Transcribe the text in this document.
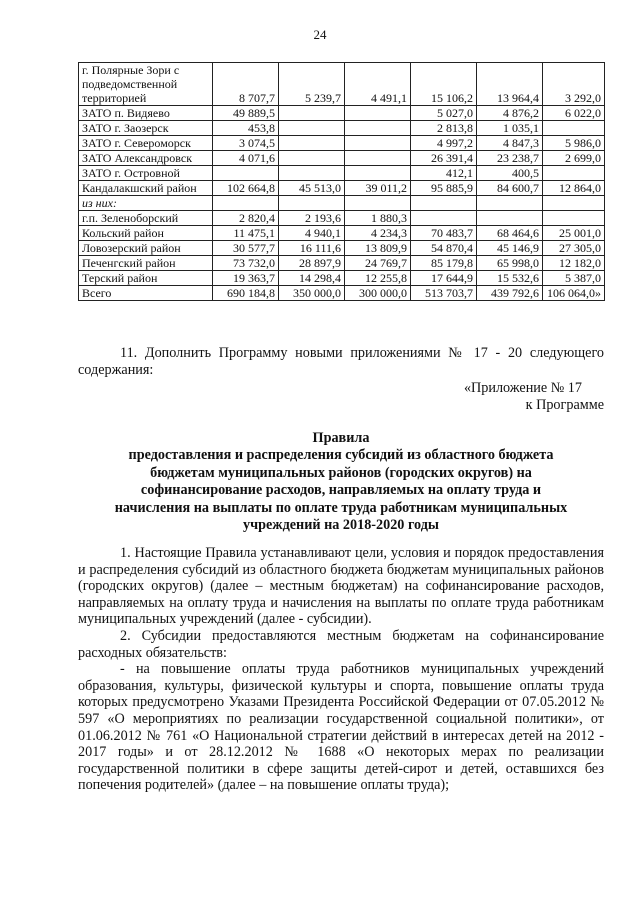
24
г. Полярные Зори с подведомственной территорией	8 707,7	5 239,7	4 491,1	15 106,2	13 964,4	3 292,0
ЗАТО п. Видяево	49 889,5			5 027,0	4 876,2	6 022,0
ЗАТО г. Заозерск	453,8			2 813,8	1 035,1	
ЗАТО г. Североморск	3 074,5			4 997,2	4 847,3	5 986,0
ЗАТО Александровск	4 071,6			26 391,4	23 238,7	2 699,0
ЗАТО г. Островной				412,1	400,5	
Кандалакшский район	102 664,8	45 513,0	39 011,2	95 885,9	84 600,7	12 864,0
из них:						
г.п. Зеленоборский	2 820,4	2 193,6	1 880,3			
Кольский район	11 475,1	4 940,1	4 234,3	70 483,7	68 464,6	25 001,0
Ловозерский район	30 577,7	16 111,6	13 809,9	54 870,4	45 146,9	27 305,0
Печенгский район	73 732,0	28 897,9	24 769,7	85 179,8	65 998,0	12 182,0
Терский район	19 363,7	14 298,4	12 255,8	17 644,9	15 532,6	5 387,0
Всего	690 184,8	350 000,0	300 000,0	513 703,7	439 792,6	106 064,0»

11. Дополнить Программу новыми приложениями № 17 - 20 следующего содержания:

«Приложение № 17

к Программе

Правила

предоставления и распределения субсидий из областного бюджета

бюджетам муниципальных районов (городских округов) на

софинансирование расходов, направляемых на оплату труда и

начисления на выплаты по оплате труда работникам муниципальных

учреждений на 2018-2020 годы

1. Настоящие Правила устанавливают цели, условия и порядок предоставления и распределения субсидий из областного бюджета бюджетам муниципальных районов (городских округов) (далее – местным бюджетам) на софинансирование расходов, направляемых на оплату труда и начисления на выплаты по оплате труда работникам муниципальных учреждений (далее - субсидии).

2. Субсидии предоставляются местным бюджетам на софинансирование расходных обязательств:

- на повышение оплаты труда работников муниципальных учреждений образования, культуры, физической культуры и спорта, повышение оплаты труда которых предусмотрено Указами Президента Российской Федерации от 07.05.2012 № 597 «О мероприятиях по реализации государственной социальной политики», от 01.06.2012 № 761 «О Национальной стратегии действий в интересах детей на 2012 - 2017 годы» и от 28.12.2012 № 1688 «О некоторых мерах по реализации государственной политики в сфере защиты детей-сирот и детей, оставшихся без попечения родителей» (далее – на повышение оплаты труда);
